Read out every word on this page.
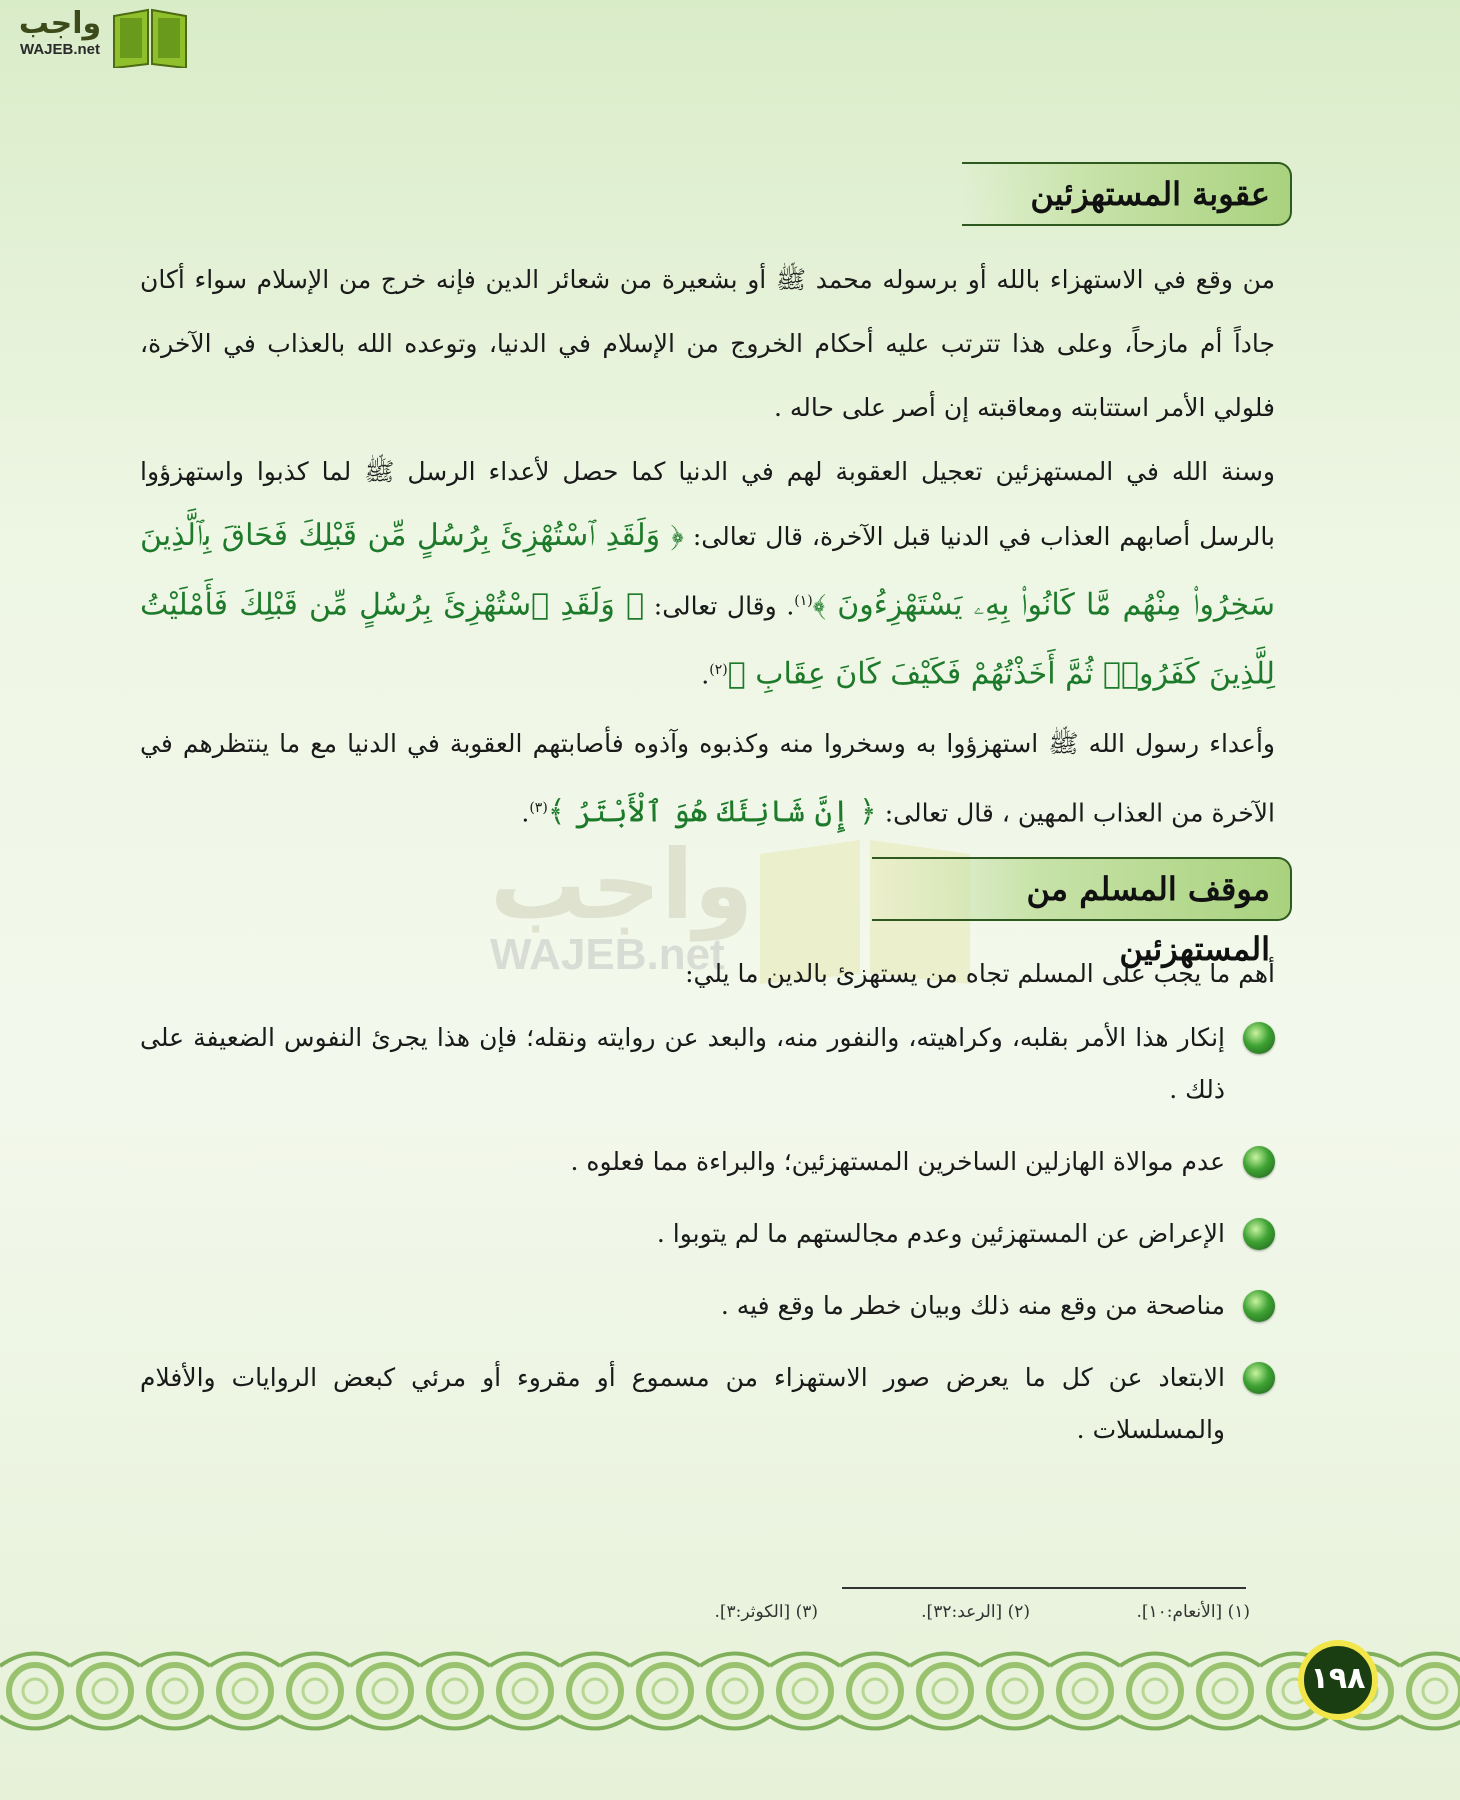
واجب
WAJEB.net
واجب
WAJEB.net
عقوبة المستهزئين
من وقع في الاستهزاء بالله أو برسوله محمد ﷺ أو بشعيرة من شعائر الدين فإنه خرج من الإسلام سواء أكان جاداً أم مازحاً، وعلى هذا تترتب عليه أحكام الخروج من الإسلام في الدنيا، وتوعده الله بالعذاب في الآخرة، فلولي الأمر استتابته ومعاقبته إن أصر على حاله .
وسنة الله في المستهزئين تعجيل العقوبة لهم في الدنيا كما حصل لأعداء الرسل ﷺ لما كذبوا واستهزؤوا بالرسل أصابهم العذاب في الدنيا قبل الآخرة، قال تعالى: ﴿ وَلَقَدِ ٱسْتُهْزِئَ بِرُسُلٍ مِّن قَبْلِكَ فَحَاقَ بِٱلَّذِينَ سَخِرُوا۟ مِنْهُم مَّا كَانُوا۟ بِهِۦ يَسْتَهْزِءُونَ ﴾$^{(١)}$. وقال تعالى: ﴿ وَلَقَدِ ٱسْتُهْزِئَ بِرُسُلٍ مِّن قَبْلِكَ فَأَمْلَيْتُ لِلَّذِينَ كَفَرُوا۟ ثُمَّ أَخَذْتُهُمْ فَكَيْفَ كَانَ عِقَابِ ﴾$^{(٢)}$.
وأعداء رسول الله ﷺ استهزؤوا به وسخروا منه وكذبوه وآذوه فأصابتهم العقوبة في الدنيا مع ما ينتظرهم في الآخرة من العذاب المهين ، قال تعالى: ﴿ إِنَّ شَانِئَكَ هُوَ ٱلْأَبْتَرُ ﴾$^{(٣)}$.
موقف المسلم من المستهزئين
أهم ما يجب على المسلم تجاه من يستهزئ بالدين ما يلي:
إنكار هذا الأمر بقلبه، وكراهيته، والنفور منه، والبعد عن روايته ونقله؛ فإن هذا يجرئ النفوس الضعيفة على ذلك .
عدم موالاة الهازلين الساخرين المستهزئين؛ والبراءة مما فعلوه .
الإعراض عن المستهزئين وعدم مجالستهم ما لم يتوبوا .
مناصحة من وقع منه ذلك وبيان خطر ما وقع فيه .
الابتعاد عن كل ما يعرض صور الاستهزاء من مسموع أو مقروء أو مرئي كبعض الروايات والأفلام والمسلسلات .
(١) [الأنعام:١٠].
(٢) [الرعد:٣٢].
(٣) [الكوثر:٣].
١٩٨
